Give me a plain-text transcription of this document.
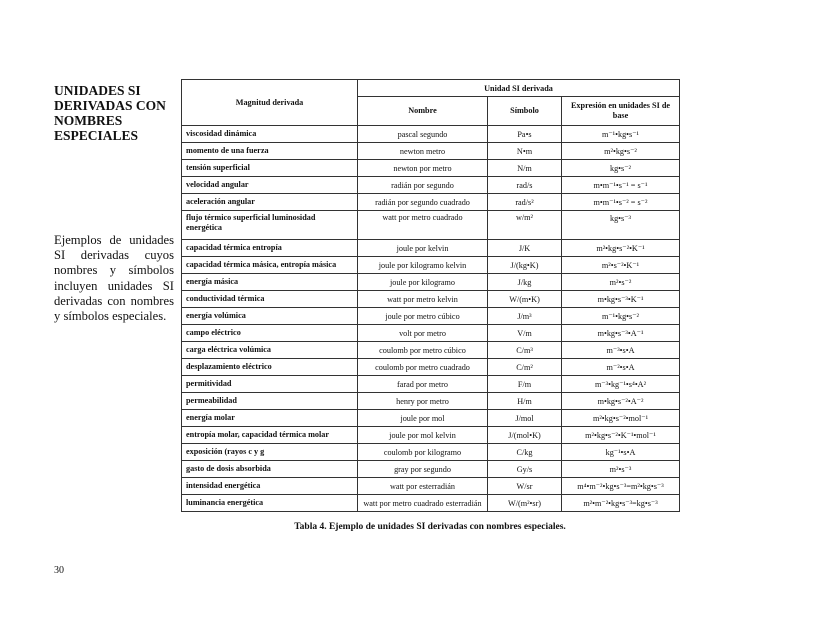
UNIDADES SI DERIVADAS CON NOMBRES ESPECIALES

Ejemplos de unidades SI derivadas cuyos nombres y símbolos incluyen unidades SI derivadas con nombres y símbolos especiales.

Magnitud derivada	Unidad SI derivada		
	Nombre	Símbolo	Expresión en unidades SI de base
viscosidad dinámica	pascal segundo	Pa•s	m⁻¹•kg•s⁻¹
momento de una fuerza	newton metro	N•m	m²•kg•s⁻²
tensión superficial	newton por metro	N/m	kg•s⁻²
velocidad angular	radián por segundo	rad/s	m•m⁻¹•s⁻¹ = s⁻¹
aceleración angular	radián por segundo cuadrado	rad/s²	m•m⁻¹•s⁻² = s⁻²
flujo térmico superficial luminosidad energética	watt por metro cuadrado	w/m²	kg•s⁻³
capacidad térmica entropía	joule por kelvin	J/K	m²•kg•s⁻²•K⁻¹
capacidad térmica másica, entropía másica	joule por kilogramo kelvin	J/(kg•K)	m²•s⁻²•K⁻¹
energía másica	joule por kilogramo	J/kg	m²•s⁻²
conductividad térmica	watt por metro kelvin	W/(m•K)	m•kg•s⁻³•K⁻¹
energía volúmica	joule por metro cúbico	J/m³	m⁻¹•kg•s⁻²
campo eléctrico	volt por metro	V/m	m•kg•s⁻³•A⁻¹
carga eléctrica volúmica	coulomb por metro cúbico	C/m³	m⁻³•s•A
desplazamiento eléctrico	coulomb por metro cuadrado	C/m²	m⁻²•s•A
permitividad	farad por metro	F/m	m⁻³•kg⁻¹•s⁴•A²
permeabilidad	henry por metro	H/m	m•kg•s⁻²•A⁻²
energía molar	joule por mol	J/mol	m²•kg•s⁻²•mol⁻¹
entropía molar, capacidad térmica molar	joule por mol kelvin	J/(mol•K)	m²•kg•s⁻²•K⁻¹•mol⁻¹
exposición (rayos c y g	coulomb por kilogramo	C/kg	kg⁻¹•s•A
gasto de dosis absorbida	gray por segundo	Gy/s	m²•s⁻³
intensidad energética	watt por esterradián	W/sr	m⁴•m⁻²•kg•s⁻³=m²•kg•s⁻³
luminancia energética	watt por metro cuadrado esterradián	W/(m²•sr)	m²•m⁻²•kg•s⁻³=kg•s⁻³

Tabla 4. Ejemplo de unidades SI derivadas con nombres especiales.

30
